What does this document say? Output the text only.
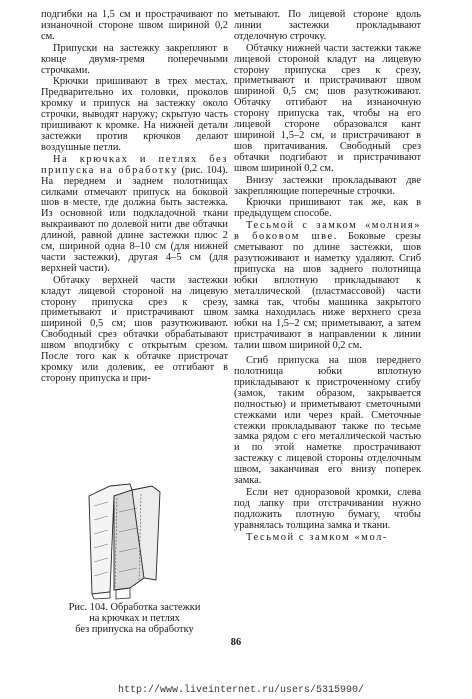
подгибки на 1,5 см и прострачивают по изнаночной стороне швом шириной 0,2 см.

Припуски на застежку закрепляют в конце двумя-тремя поперечными строчками.

Крючки пришивают в трех местах. Предварительно их головки, проколов кромку и припуск на застежку около строчки, выводят наружу; скрытую часть пришивают к кромке. На нижней детали застежки против крючков делают воздушные петли.

На крючках и петлях без припуска на обработку (рис. 104). На переднем и заднем полотнищах силками отмечают припуск на боковой шов в месте, где должна быть застежка. Из основной или подкладочной ткани выкраивают по долевой нити две обтачки длиной, равной длине застежки плюс 2 см, шириной одна 8–10 см (для нижней части застежки), другая 4–5 см (для верхней части).

Обтачку верхней части застежки кладут лицевой стороной на лицевую сторону припуска срез к срезу, приметывают и пристрачивают швом шириной 0,5 см; шов разутюживают. Свободный срез обтачки обрабатывают швом вподгибку с открытым срезом. После того как к обтачке пристрочат кромку или долевик, ее отгибают в сторону припуска и при-

Рис. 104. Обработка застежки
на крючках и петлях
без припуска на обработку

метывают. По лицевой стороне вдоль линии застежки прокладывают отделочную строчку.

Обтачку нижней части застежки также лицевой стороной кладут на лицевую сторону припуска срез к срезу, приметывают и пристрачивают швом шириной 0,5 см; шов разутюживают. Обтачку отгибают на изнаночную сторону припуска так, чтобы на его лицевой стороне образовался кант шириной 1,5–2 см, и пристрачивают в шов притачивания. Свободный срез обтачки подгибают и пристрачивают швом шириной 0,2 см.

Внизу застежки прокладывают две закрепляющие поперечные строчки.

Крючки пришивают так же, как в предыдущем способе.

Тесьмой с замком «молния» в боковом шве. Боковые срезы сметывают по длине застежки, шов разутюживают и наметку удаляют. Сгиб припуска на шов заднего полотнища юбки вплотную прикладывают к металлической (пластмассовой) части замка так, чтобы машинка закрытого замка находилась ниже верхнего среза юбки на 1,5–2 см; приметывают, а затем пристрачивают в направлении к линии талии швом шириной 0,2 см.

Сгиб припуска на шов переднего полотнища юбки вплотную прикладывают к пристроченному сгибу (замок, таким образом, закрывается полностью) и приметывают сметочными стежками или через край. Сметочные стежки прокладывают также по тесьме замка рядом с его металлической частью и по этой наметке прострачивают застежку с лицевой стороны отделочным швом, заканчивая его внизу поперек замка.

Если нет одноразовой кромки, слева под лапку при отстрачивании нужно подложить плотную бумагу, чтобы уравнялась толщина замка и ткани.

Тесьмой с замком «мол-

86
http://www.liveinternet.ru/users/5315990/
